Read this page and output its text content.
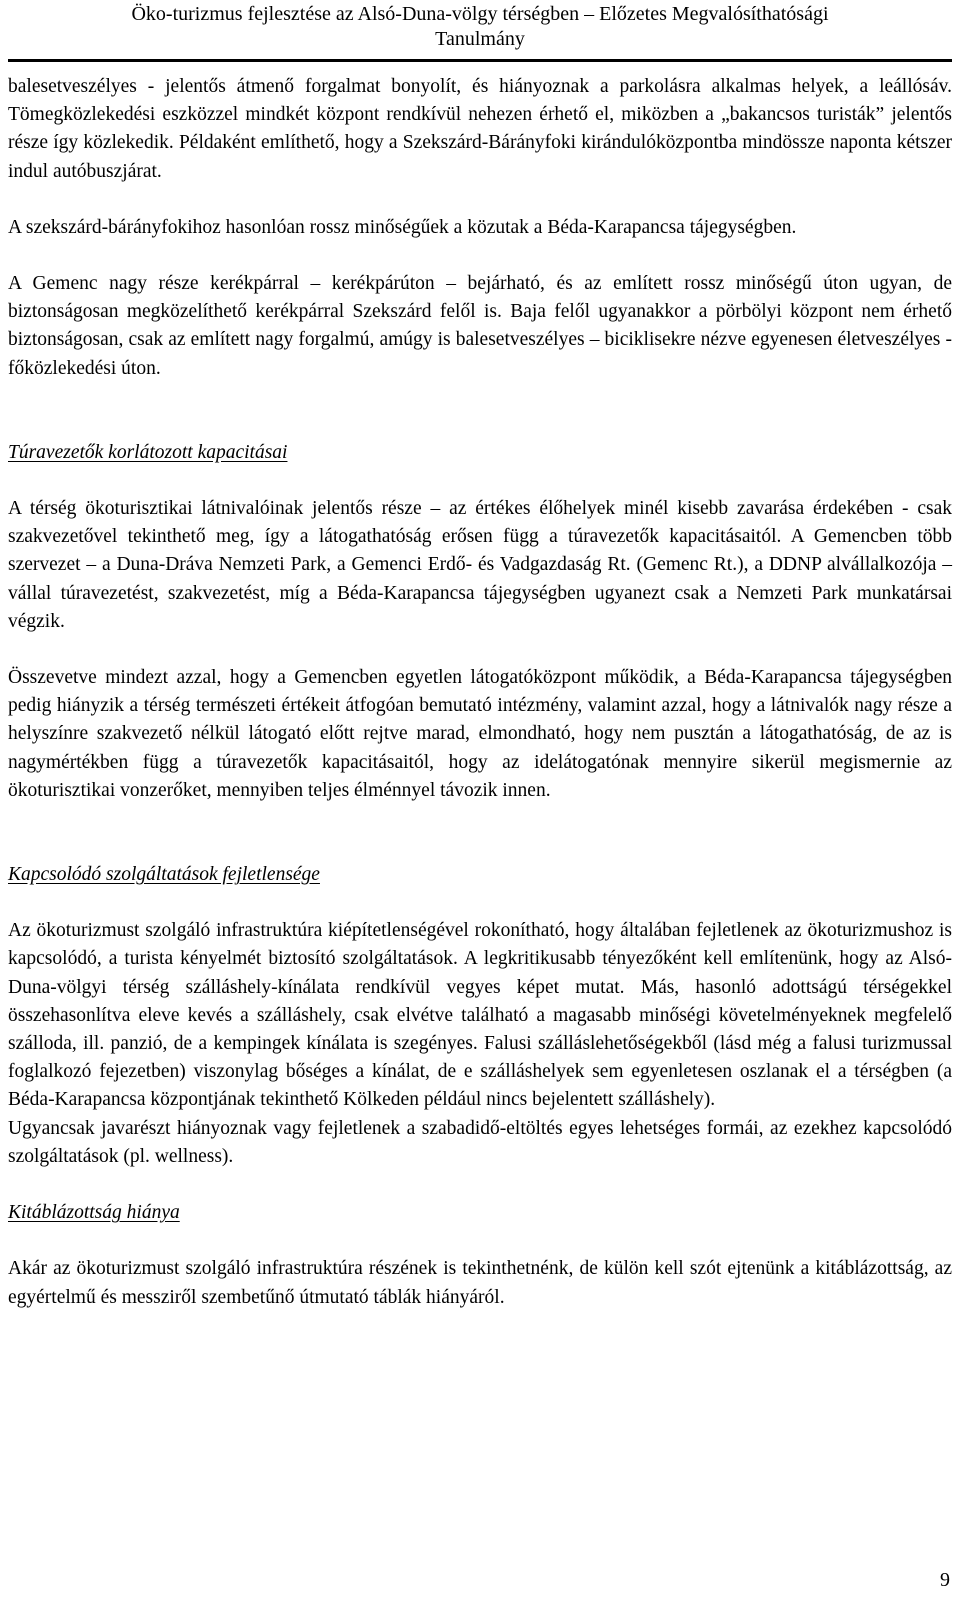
Öko-turizmus fejlesztése az Alsó-Duna-völgy térségben – Előzetes Megvalósíthatósági
Tanulmány

balesetveszélyes - jelentős átmenő forgalmat bonyolít, és hiányoznak a parkolásra alkalmas helyek, a leállósáv. Tömegközlekedési eszközzel mindkét központ rendkívül nehezen érhető el, miközben a „bakancsos turisták” jelentős része így közlekedik. Példaként említhető, hogy a Szekszárd-Bárányfoki kirándulóközpontba mindössze naponta kétszer indul autóbuszjárat.

A szekszárd-bárányfokihoz hasonlóan rossz minőségűek a közutak a Béda-Karapancsa tájegységben.

A Gemenc nagy része kerékpárral – kerékpárúton – bejárható, és az említett rossz minőségű úton ugyan, de biztonságosan megközelíthető kerékpárral Szekszárd felől is. Baja felől ugyanakkor a pörbölyi központ nem érhető biztonságosan, csak az említett nagy forgalmú, amúgy is balesetveszélyes – biciklisekre nézve egyenesen életveszélyes - főközlekedési úton.

Túravezetők korlátozott kapacitásai

A térség ökoturisztikai látnivalóinak jelentős része – az értékes élőhelyek minél kisebb zavarása érdekében - csak szakvezetővel tekinthető meg, így a látogathatóság erősen függ a túravezetők kapacitásaitól. A Gemencben több szervezet – a Duna-Dráva Nemzeti Park, a Gemenci Erdő- és Vadgazdaság Rt. (Gemenc Rt.), a DDNP alvállalkozója – vállal túravezetést, szakvezetést, míg a Béda-Karapancsa tájegységben ugyanezt csak a Nemzeti Park munkatársai végzik.

Összevetve mindezt azzal, hogy a Gemencben egyetlen látogatóközpont működik, a Béda-Karapancsa tájegységben pedig hiányzik a térség természeti értékeit átfogóan bemutató intézmény, valamint azzal, hogy a látnivalók nagy része a helyszínre szakvezető nélkül látogató előtt rejtve marad, elmondható, hogy nem pusztán a látogathatóság, de az is nagymértékben függ a túravezetők kapacitásaitól, hogy az idelátogatónak mennyire sikerül megismernie az ökoturisztikai vonzerőket, mennyiben teljes élménnyel távozik innen.

Kapcsolódó szolgáltatások fejletlensége

Az ökoturizmust szolgáló infrastruktúra kiépítetlenségével rokonítható, hogy általában fejletlenek az ökoturizmushoz is kapcsolódó, a turista kényelmét biztosító szolgáltatások. A legkritikusabb tényezőként kell említenünk, hogy az Alsó-Duna-völgyi térség szálláshely-kínálata rendkívül vegyes képet mutat. Más, hasonló adottságú térségekkel összehasonlítva eleve kevés a szálláshely, csak elvétve található a magasabb minőségi követelményeknek megfelelő szálloda, ill. panzió, de a kempingek kínálata is szegényes. Falusi szálláslehetőségekből (lásd még a falusi turizmussal foglalkozó fejezetben) viszonylag bőséges a kínálat, de e szálláshelyek sem egyenletesen oszlanak el a térségben (a Béda-Karapancsa központjának tekinthető Kölkeden például nincs bejelentett szálláshely).

Ugyancsak javarészt hiányoznak vagy fejletlenek a szabadidő-eltöltés egyes lehetséges formái, az ezekhez kapcsolódó szolgáltatások (pl. wellness).

Kitáblázottság hiánya

Akár az ökoturizmust szolgáló infrastruktúra részének is tekinthetnénk, de külön kell szót ejtenünk a kitáblázottság, az egyértelmű és messziről szembetűnő útmutató táblák hiányáról.

9
